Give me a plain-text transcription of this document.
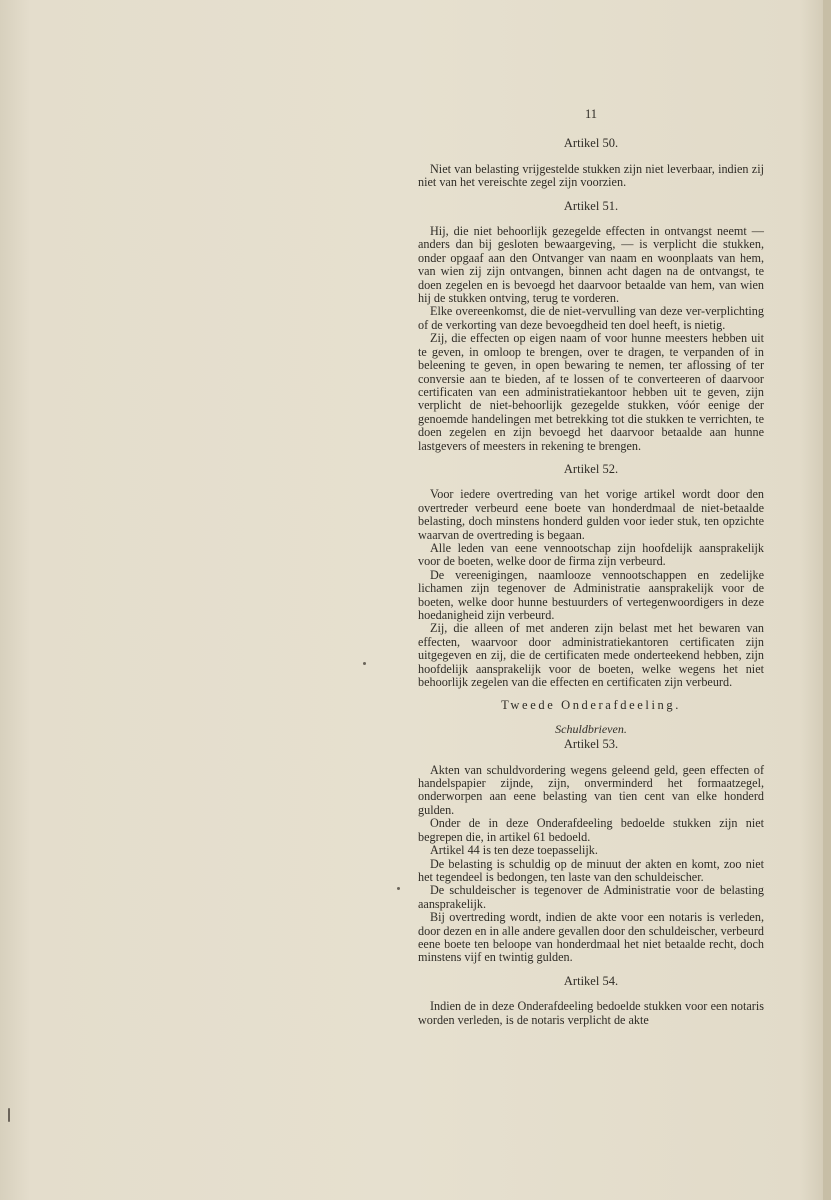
11
Artikel 50.

Niet van belasting vrijgestelde stukken zijn niet leverbaar, indien zij niet van het vereischte zegel zijn voorzien.

Artikel 51.

Hij, die niet behoorlijk gezegelde effecten in ontvangst neemt — anders dan bij gesloten bewaargeving, — is verplicht die stukken, onder opgaaf aan den Ontvanger van naam en woonplaats van hem, van wien zij zijn ontvangen, binnen acht dagen na de ontvangst, te doen zegelen en is bevoegd het daarvoor betaalde van hem, van wien hij de stukken ontving, terug te vorderen.

Elke overeenkomst, die de niet-vervulling van deze ver-verplichting of de verkorting van deze bevoegdheid ten doel heeft, is nietig.

Zij, die effecten op eigen naam of voor hunne meesters hebben uit te geven, in omloop te brengen, over te dragen, te verpanden of in beleening te geven, in open bewaring te nemen, ter aflossing of ter conversie aan te bieden, af te lossen of te converteeren of daarvoor certificaten van een administratiekantoor hebben uit te geven, zijn verplicht de niet-behoorlijk gezegelde stukken, vóór eenige der genoemde handelingen met betrekking tot die stukken te verrichten, te doen zegelen en zijn bevoegd het daarvoor betaalde aan hunne lastgevers of meesters in rekening te brengen.

Artikel 52.

Voor iedere overtreding van het vorige artikel wordt door den overtreder verbeurd eene boete van honderdmaal de niet-betaalde belasting, doch minstens honderd gulden voor ieder stuk, ten opzichte waarvan de overtreding is begaan.

Alle leden van eene vennootschap zijn hoofdelijk aansprakelijk voor de boeten, welke door de firma zijn verbeurd.

De vereenigingen, naamlooze vennootschappen en zedelijke lichamen zijn tegenover de Administratie aansprakelijk voor de boeten, welke door hunne bestuurders of vertegenwoordigers in deze hoedanigheid zijn verbeurd.

Zij, die alleen of met anderen zijn belast met het bewaren van effecten, waarvoor door administratiekantoren certificaten zijn uitgegeven en zij, die de certificaten mede onderteekend hebben, zijn hoofdelijk aansprakelijk voor de boeten, welke wegens het niet behoorlijk zegelen van die effecten en certificaten zijn verbeurd.

Tweede Onderafdeeling.
Schuldbrieven.
Artikel 53.

Akten van schuldvordering wegens geleend geld, geen effecten of handelspapier zijnde, zijn, onverminderd het formaatzegel, onderworpen aan eene belasting van tien cent van elke honderd gulden.

Onder de in deze Onderafdeeling bedoelde stukken zijn niet begrepen die, in artikel 61 bedoeld.

Artikel 44 is ten deze toepasselijk.

De belasting is schuldig op de minuut der akten en komt, zoo niet het tegendeel is bedongen, ten laste van den schuldeischer.

De schuldeischer is tegenover de Administratie voor de belasting aansprakelijk.

Bij overtreding wordt, indien de akte voor een notaris is verleden, door dezen en in alle andere gevallen door den schuldeischer, verbeurd eene boete ten beloope van honderdmaal het niet betaalde recht, doch minstens vijf en twintig gulden.

Artikel 54.

Indien de in deze Onderafdeeling bedoelde stukken voor een notaris worden verleden, is de notaris verplicht de akte
